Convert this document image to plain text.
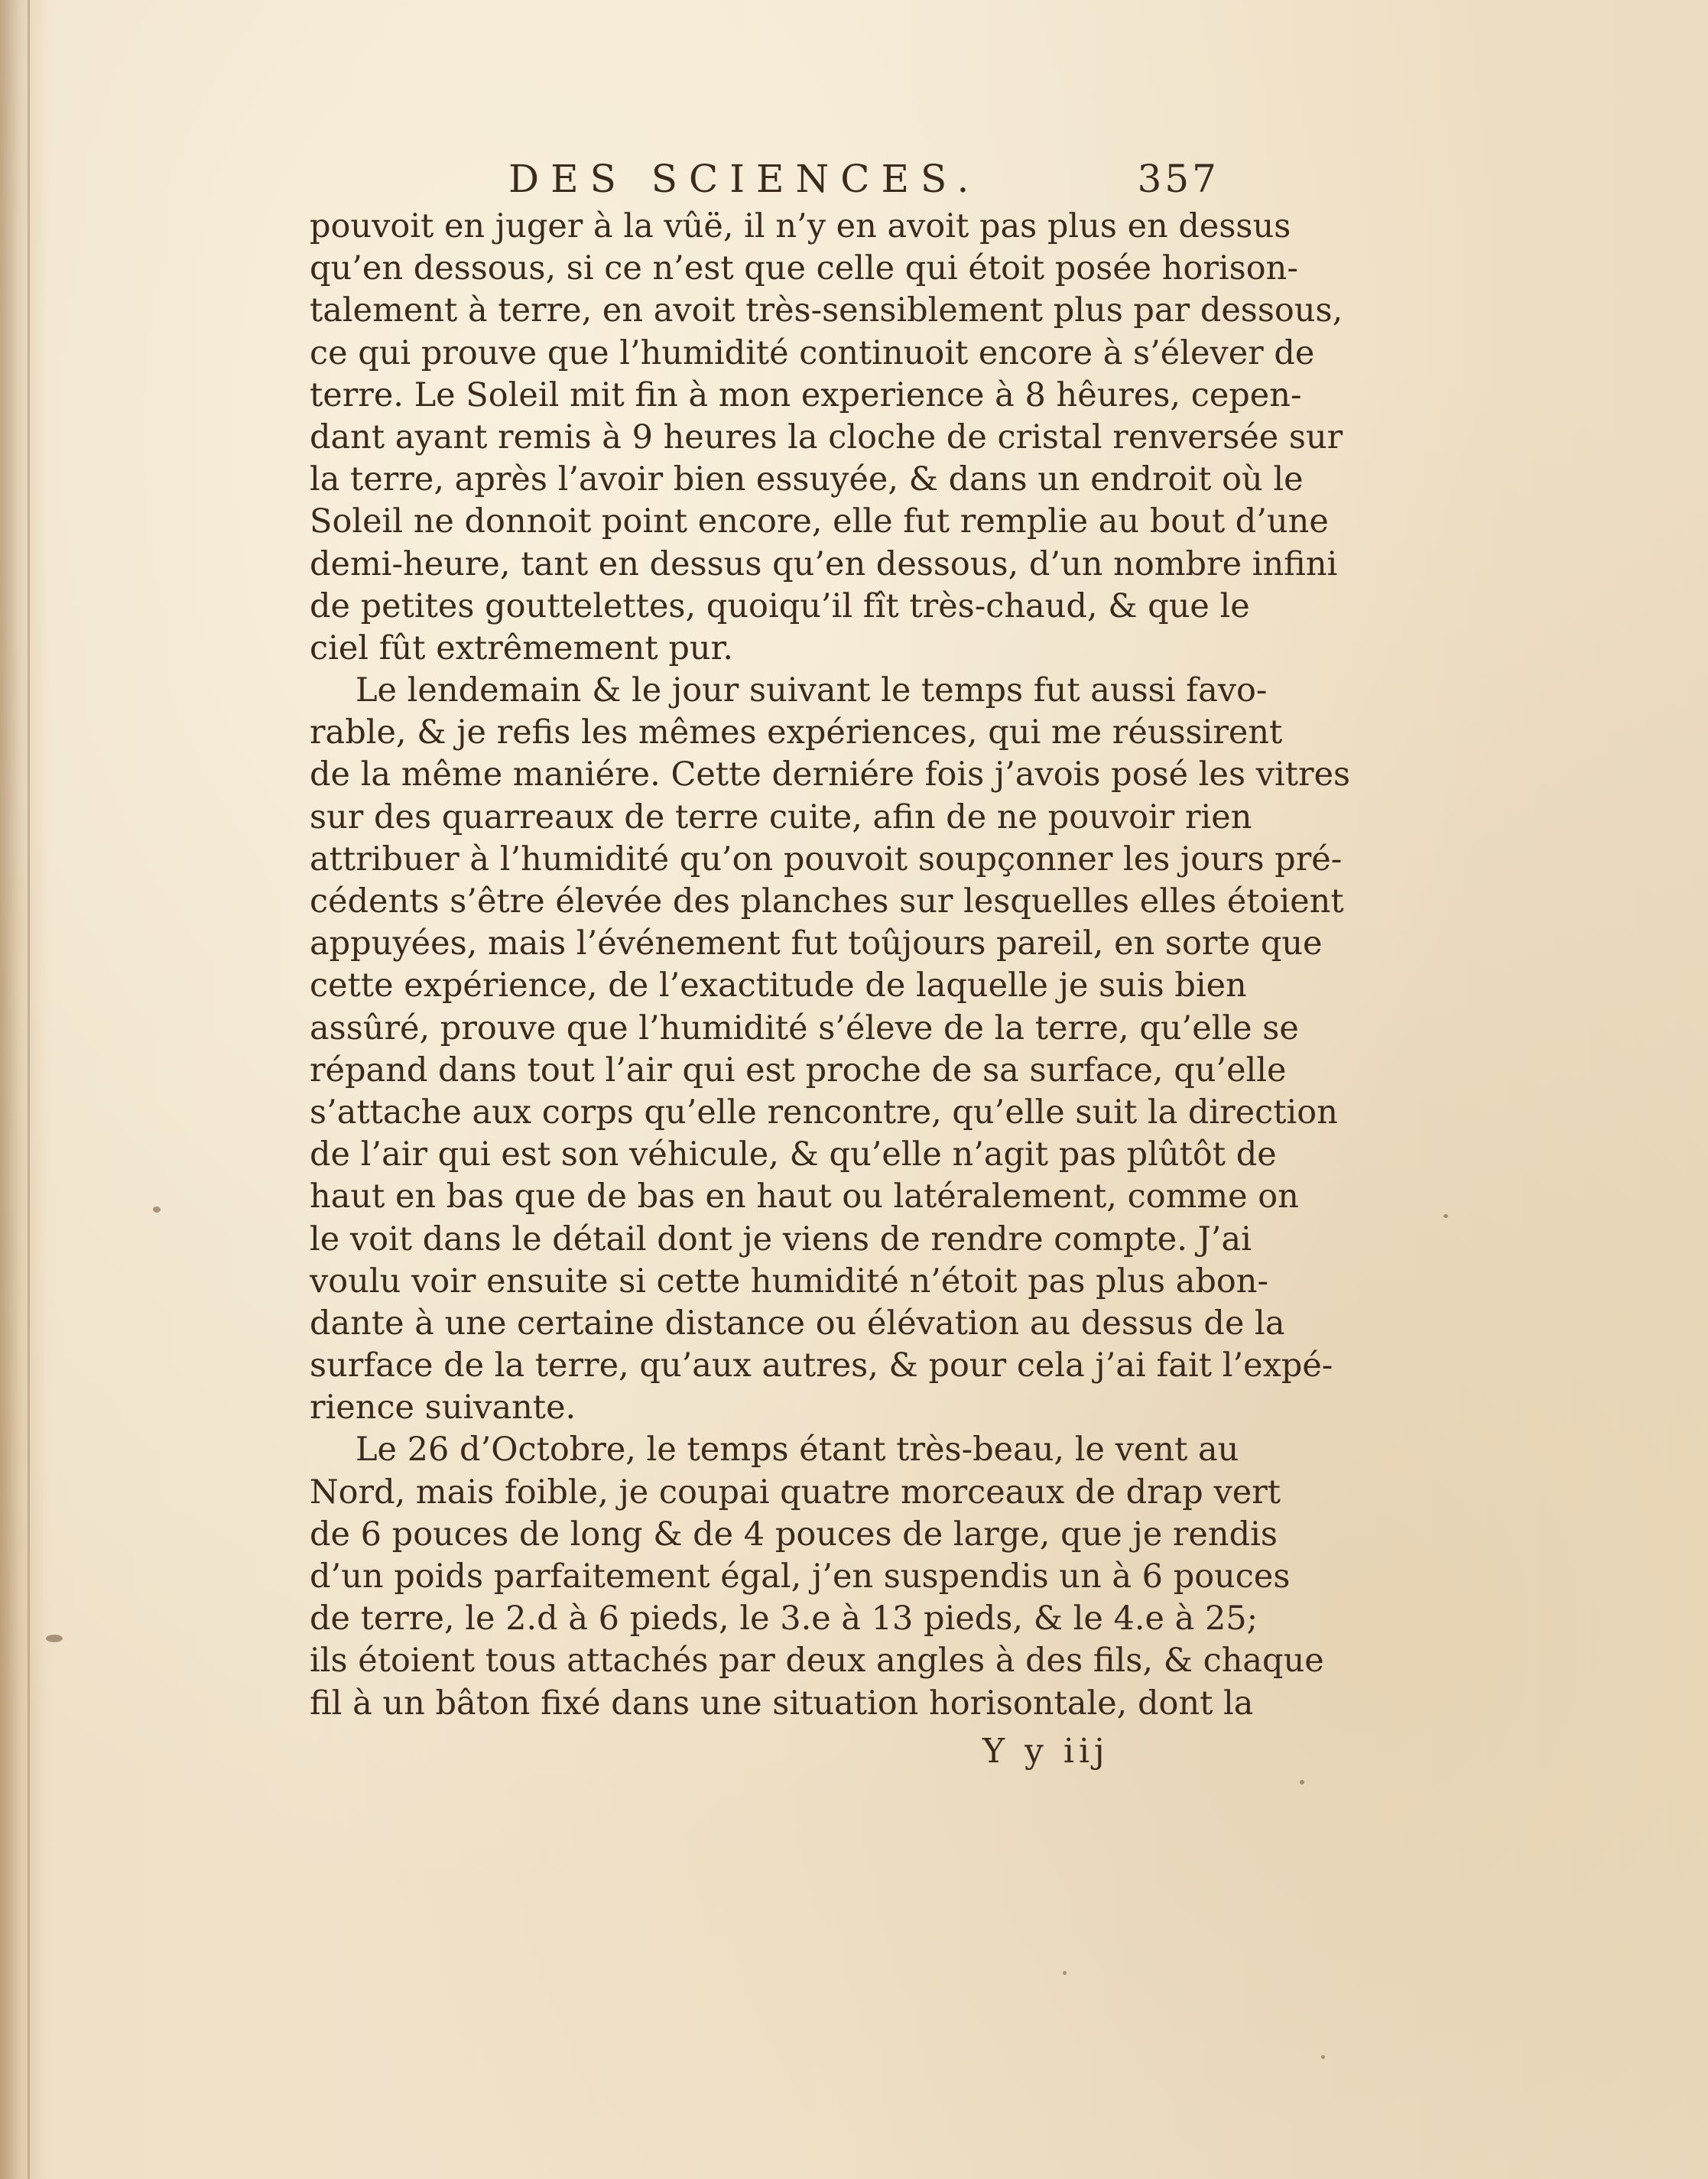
DES SCIENCES.	357
pouvoit en juger à la vûë, il n’y en avoit pas plus en dessus
qu’en dessous, si ce n’est que celle qui étoit posée horison-
talement à terre, en avoit très-sensiblement plus par dessous,
ce qui prouve que l’humidité continuoit encore à s’élever de
terre. Le Soleil mit fin à mon experience à 8 hêures, cepen-
dant ayant remis à 9 heures la cloche de cristal renversée sur
la terre, après l’avoir bien essuyée, & dans un endroit où le
Soleil ne donnoit point encore, elle fut remplie au bout d’une
demi-heure, tant en dessus qu’en dessous, d’un nombre infini
de petites gouttelettes, quoiqu’il fît très-chaud, & que le
ciel fût extrêmement pur.
Le lendemain & le jour suivant le temps fut aussi favo-
rable, & je refis les mêmes expériences, qui me réussirent
de la même maniére. Cette derniére fois j’avois posé les vitres
sur des quarreaux de terre cuite, afin de ne pouvoir rien
attribuer à l’humidité qu’on pouvoit soupçonner les jours pré-
cédents s’être élevée des planches sur lesquelles elles étoient
appuyées, mais l’événement fut toûjours pareil, en sorte que
cette expérience, de l’exactitude de laquelle je suis bien
assûré, prouve que l’humidité s’éleve de la terre, qu’elle se
répand dans tout l’air qui est proche de sa surface, qu’elle
s’attache aux corps qu’elle rencontre, qu’elle suit la direction
de l’air qui est son véhicule, & qu’elle n’agit pas plûtôt de
haut en bas que de bas en haut ou latéralement, comme on
le voit dans le détail dont je viens de rendre compte. J’ai
voulu voir ensuite si cette humidité n’étoit pas plus abon-
dante à une certaine distance ou élévation au dessus de la
surface de la terre, qu’aux autres, & pour cela j’ai fait l’expé-
rience suivante.
Le 26 d’Octobre, le temps étant très-beau, le vent au
Nord, mais foible, je coupai quatre morceaux de drap vert
de 6 pouces de long & de 4 pouces de large, que je rendis
d’un poids parfaitement égal, j’en suspendis un à 6 pouces
de terre, le 2.d à 6 pieds, le 3.e à 13 pieds, & le 4.e à 25;
ils étoient tous attachés par deux angles à des fils, & chaque
fil à un bâton fixé dans une situation horisontale, dont la
Y y iij
